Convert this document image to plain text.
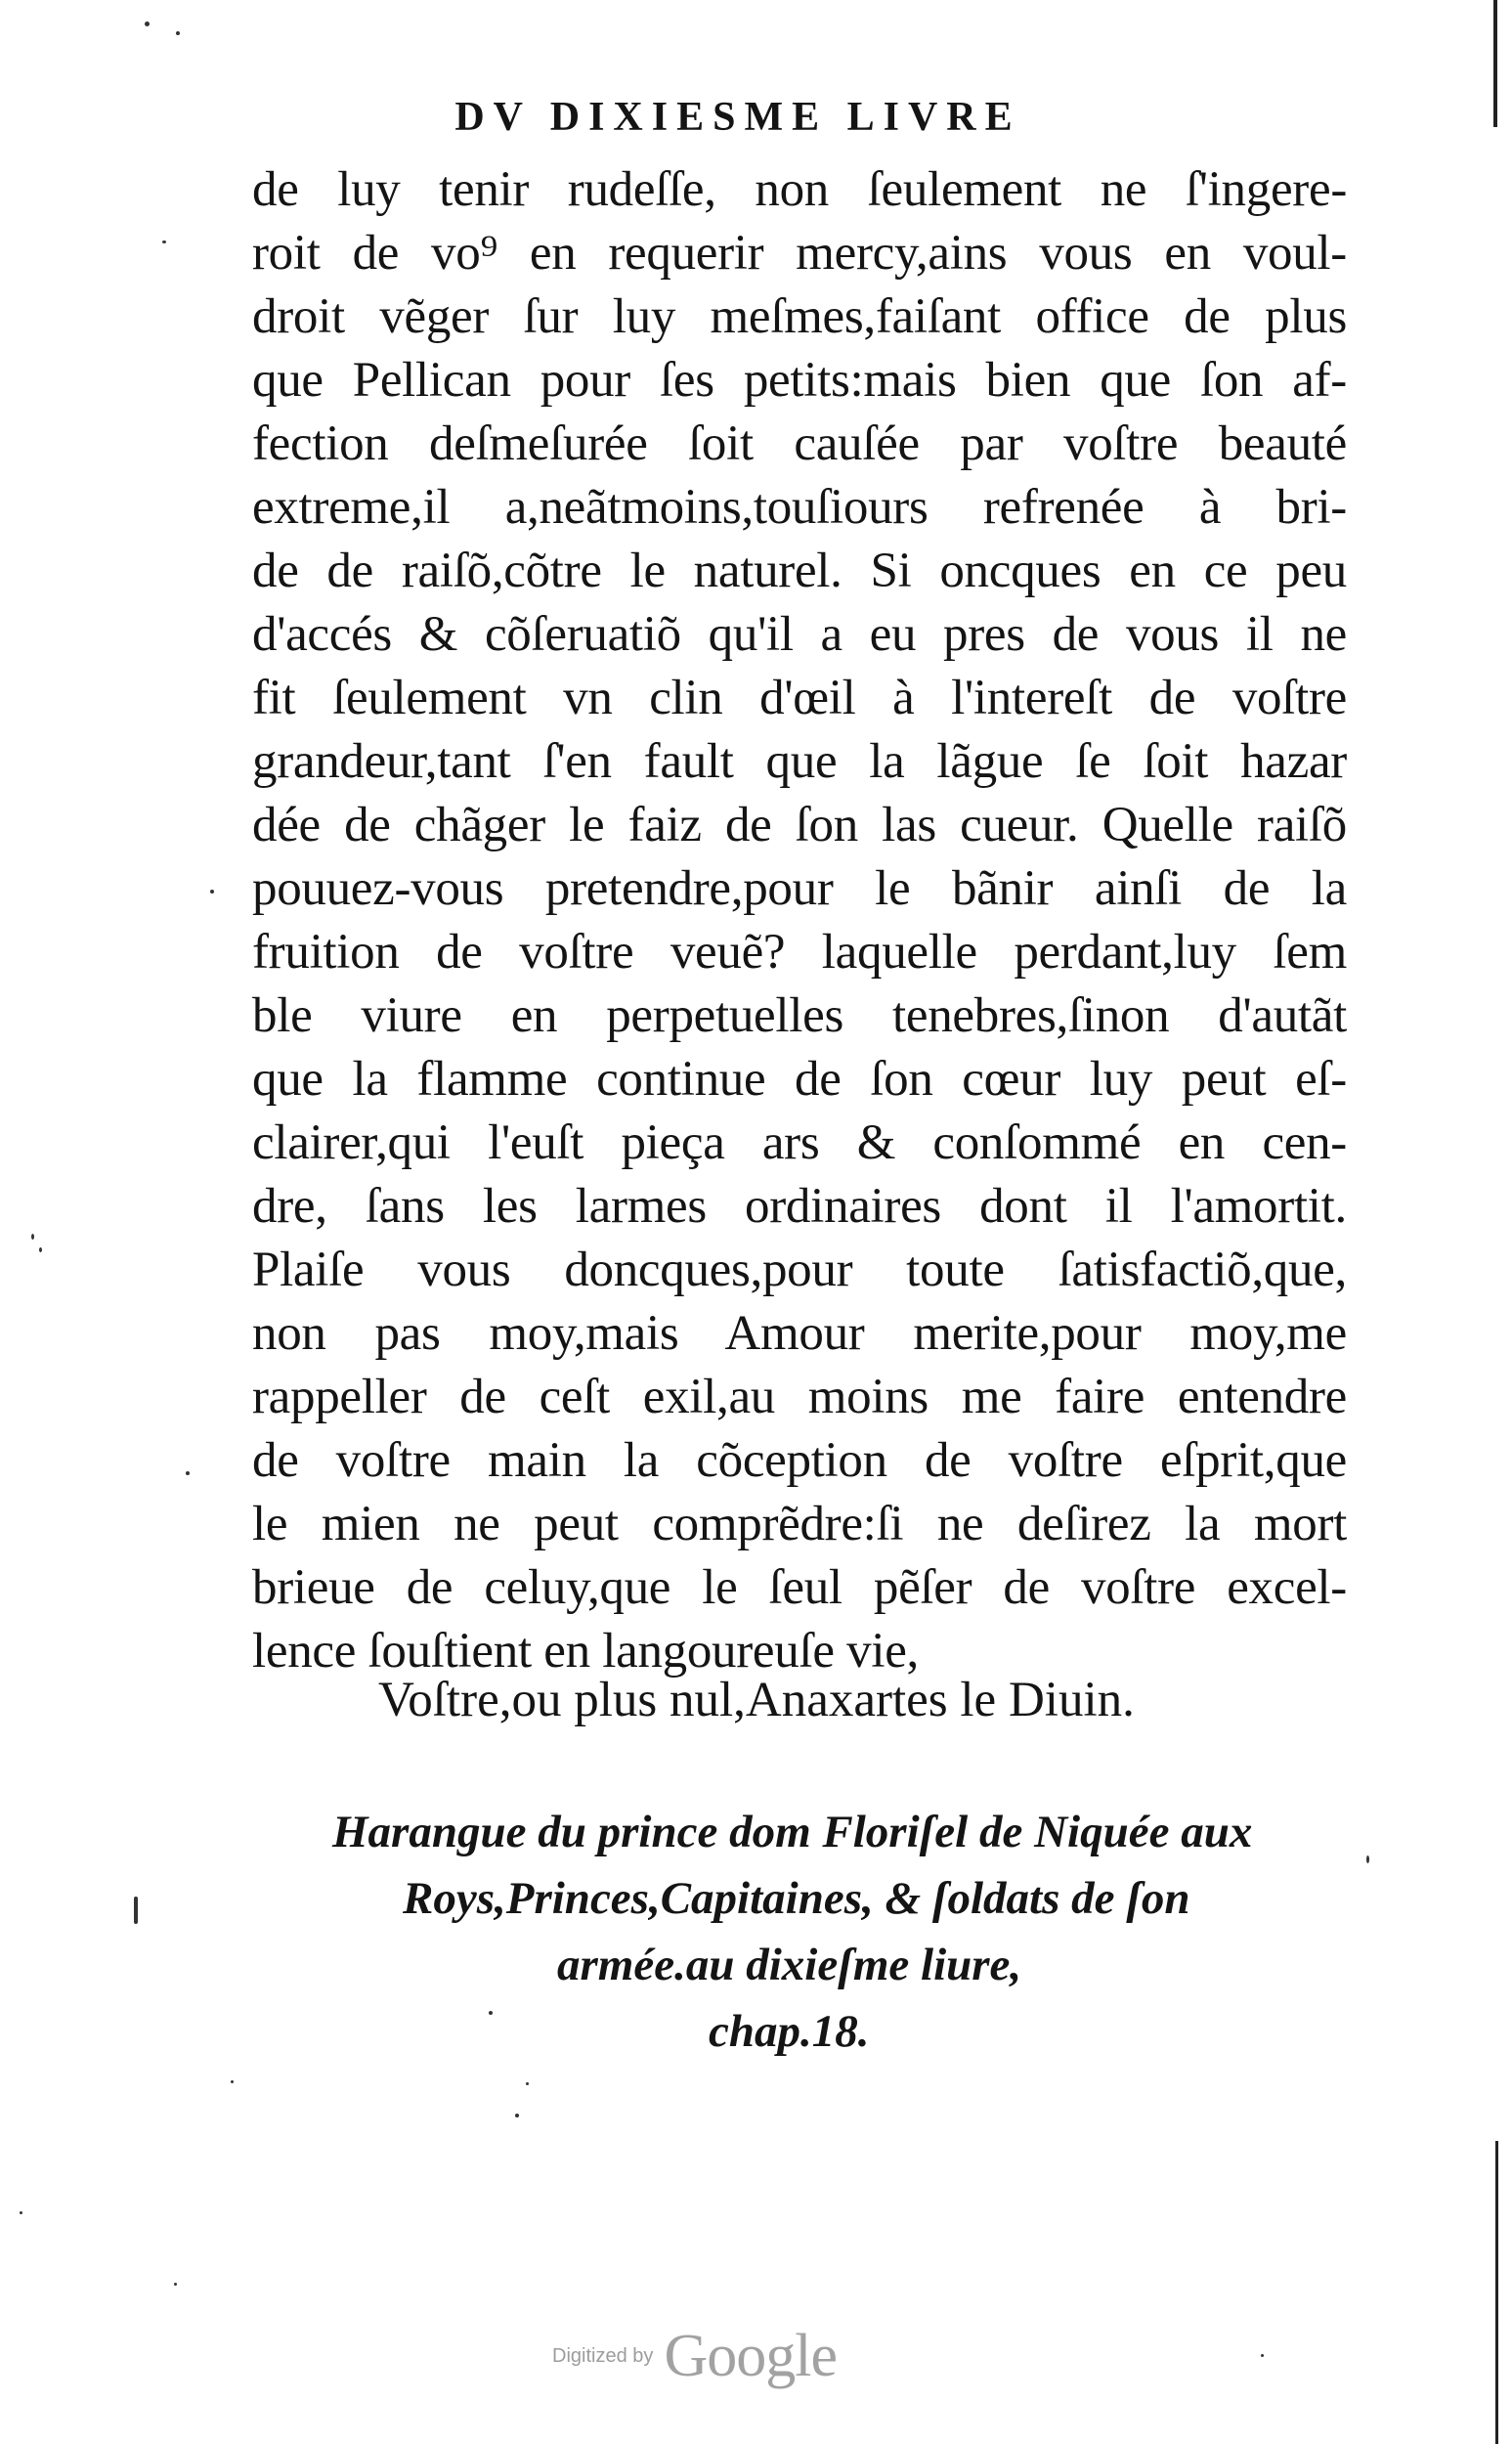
DV DIXIESME LIVRE
de luy tenir rudeſſe, non ſeulement ne ſ'ingere-
roit de vo⁹ en requerir mercy,ains vous en voul-
droit vẽger ſur luy meſmes,faiſant office de plus
que Pellican pour ſes petits:mais bien que ſon af-
fection deſmeſurée ſoit cauſée par voſtre beauté
extreme,il a,neãtmoins,touſiours refrenée à bri-
de de raiſõ,cõtre le naturel. Si oncques en ce peu
d'accés & cõſeruatiõ qu'il a eu pres de vous il ne
fit ſeulement vn clin d'œil à l'intereſt de voſtre
grandeur,tant ſ'en fault que la lãgue ſe ſoit hazar
dée de chãger le faiz de ſon las cueur. Quelle raiſõ
pouuez-vous pretendre,pour le bãnir ainſi de la
fruition de voſtre veuẽ? laquelle perdant,luy ſem
ble viure en perpetuelles tenebres,ſinon d'autãt
que la flamme continue de ſon cœur luy peut eſ-
clairer,qui l'euſt pieça ars & conſommé en cen-
dre, ſans les larmes ordinaires dont il l'amortit.
Plaiſe vous doncques,pour toute ſatisfactiõ,que,
non pas moy,mais Amour merite,pour moy,me
rappeller de ceſt exil,au moins me faire entendre
de voſtre main la cõception de voſtre eſprit,que
le mien ne peut comprẽdre:ſi ne deſirez la mort
brieue de celuy,que le ſeul pẽſer de voſtre excel-
lence ſouſtient en langoureuſe vie,
Voſtre,ou plus nul,Anaxartes le Diuin.
Harangue du prince dom Floriſel de Niquée aux
Roys,Princes,Capitaines, & ſoldats de ſon
armée.au dixieſme liure,
chap.18.
Digitized by Google
